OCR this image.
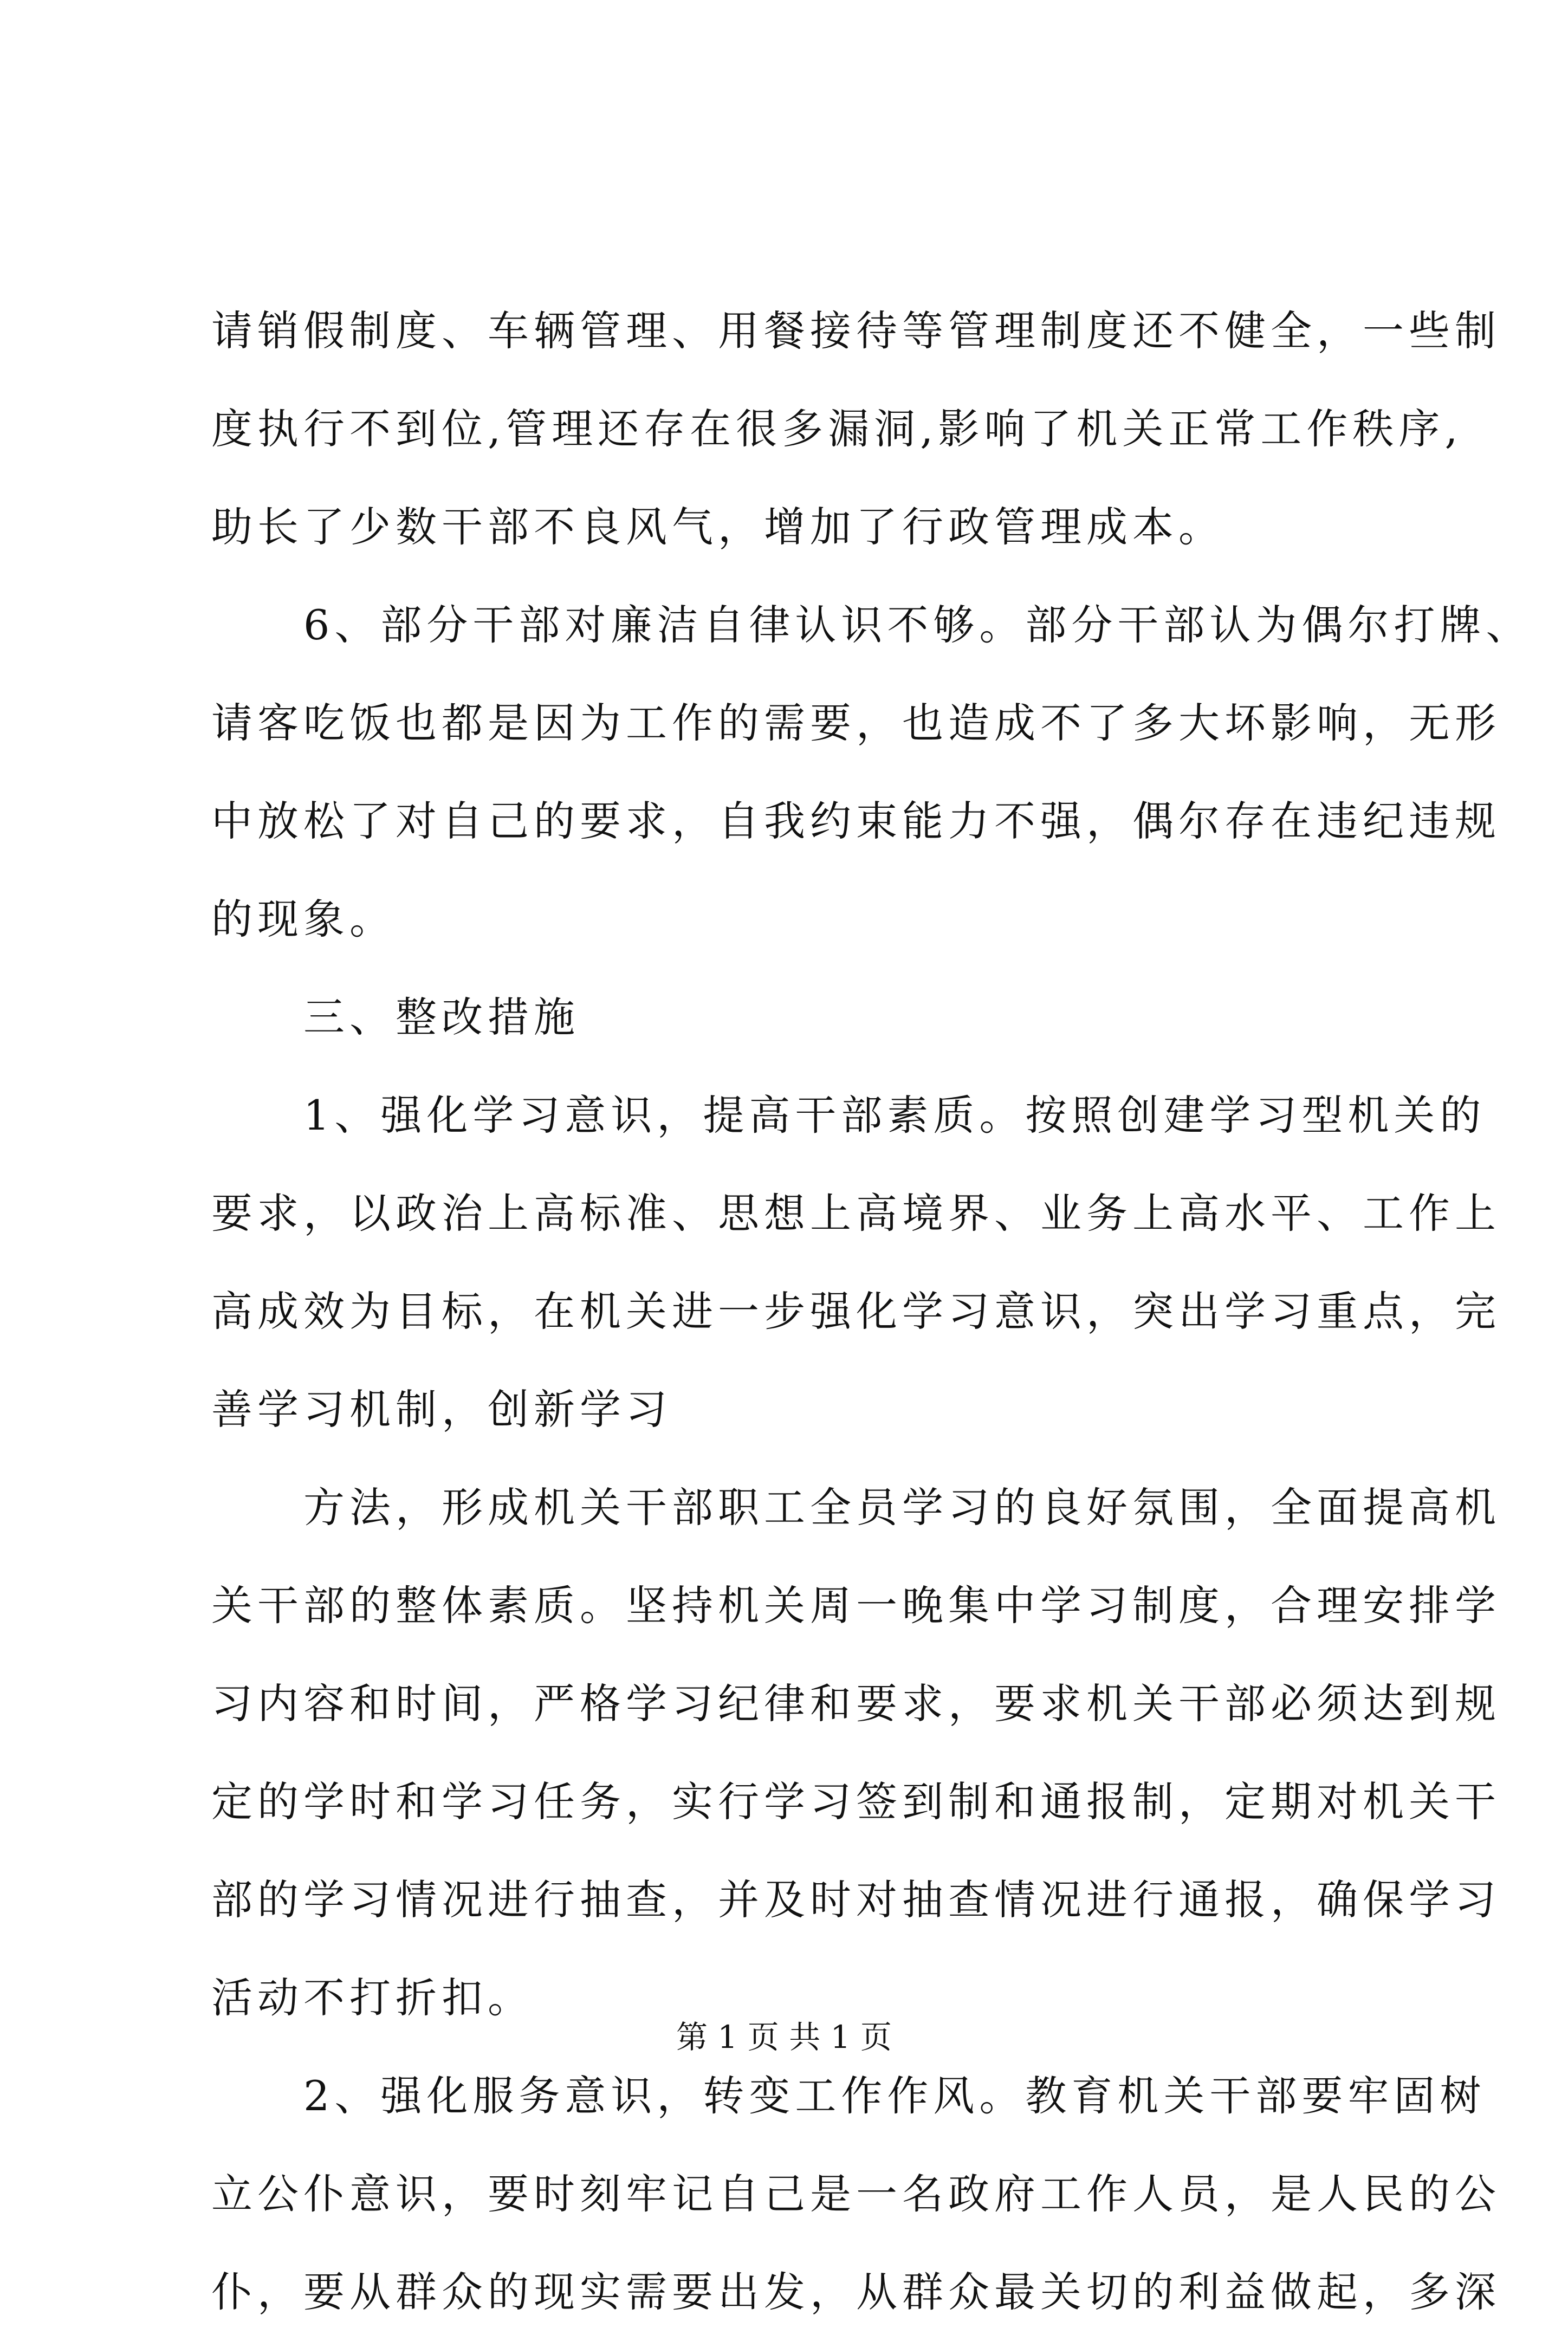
请销假制度、车辆管理、用餐接待等管理制度还不健全，一些制
度执行不到位,管理还存在很多漏洞,影响了机关正常工作秩序,
助长了少数干部不良风气，增加了行政管理成本。
6、部分干部对廉洁自律认识不够。部分干部认为偶尔打牌、
请客吃饭也都是因为工作的需要，也造成不了多大坏影响，无形
中放松了对自己的要求，自我约束能力不强，偶尔存在违纪违规
的现象。
三、整改措施
1、强化学习意识，提高干部素质。按照创建学习型机关的
要求，以政治上高标准、思想上高境界、业务上高水平、工作上
高成效为目标，在机关进一步强化学习意识，突出学习重点，完
善学习机制，创新学习
方法，形成机关干部职工全员学习的良好氛围，全面提高机
关干部的整体素质。坚持机关周一晚集中学习制度，合理安排学
习内容和时间，严格学习纪律和要求，要求机关干部必须达到规
定的学时和学习任务，实行学习签到制和通报制，定期对机关干
部的学习情况进行抽查，并及时对抽查情况进行通报，确保学习
活动不打折扣。
2、强化服务意识，转变工作作风。教育机关干部要牢固树
立公仆意识，要时刻牢记自己是一名政府工作人员，是人民的公
仆，要从群众的现实需要出发，从群众最关切的利益做起，多深
第 1 页 共 1 页
